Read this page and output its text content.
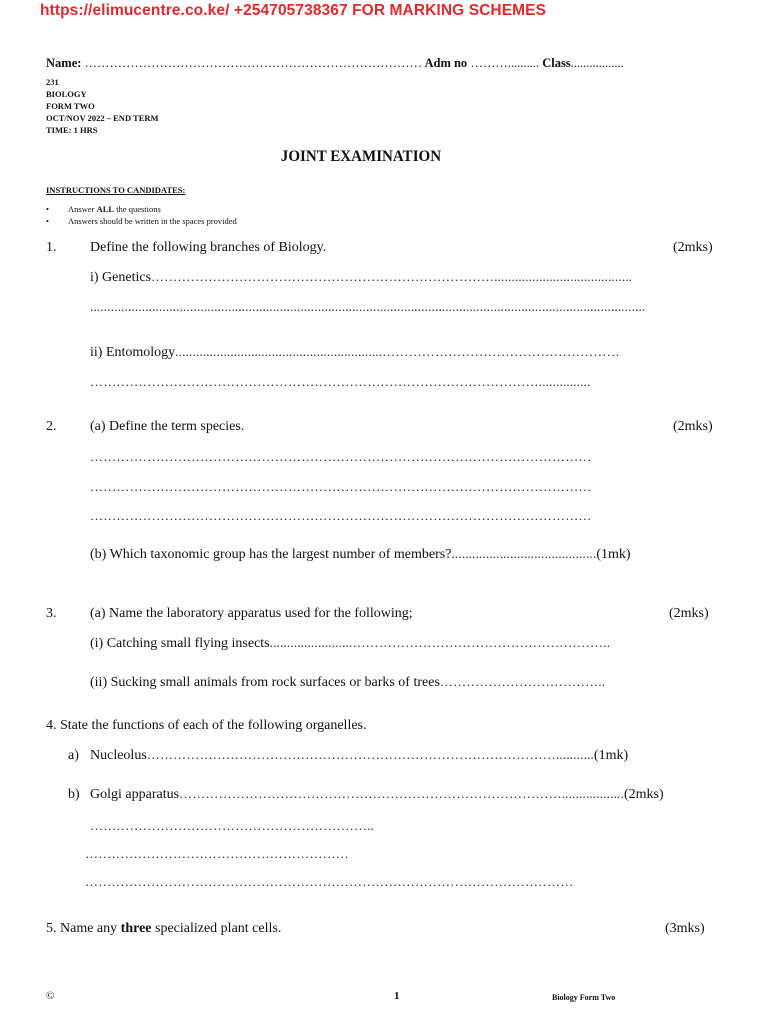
https://elimucentre.co.ke/ +254705738367 FOR MARKING SCHEMES
Name: ……………………………………………………………………… Adm no ……….......... Class.................
231
BIOLOGY
FORM TWO
OCT/NOV 2022 – END TERM
TIME: 1 HRS
JOINT EXAMINATION
INSTRUCTIONS TO CANDIDATES:
• Answer ALL the questions
• Answers should be written in the spaces provided
1. Define the following branches of Biology.	(2mks)
i) Genetics……………………………………………………………………........................................
.................................................................................................................................................................
ii) Entomology............................................................………………………………………………
…………………………………………………………………………………………...............
2. (a) Define the term species.	(2mks)
……………………………………………………………………………………………………
……………………………………………………………………………………………………
……………………………………………………………………………………………………
(b) Which taxonomic group has the largest number of members?..........................................(1mk)
3. (a) Name the laboratory apparatus used for the following;	(2mks)
(i) Catching small flying insects........................…………………………………………………..
(ii) Sucking small animals from rock surfaces or barks of trees………………………………..
4. State the functions of each of the following organelles.
a) Nucleolus…………………………………………………………………………………...........(1mk)
b) Golgi apparatus……………………………………………………………………………..................(2mks)
………………………………………………………..
……………………………………………………
…………………………………………………………………………………………………
5. Name any three specialized plant cells.	(3mks)
©	1	Biology Form Two
